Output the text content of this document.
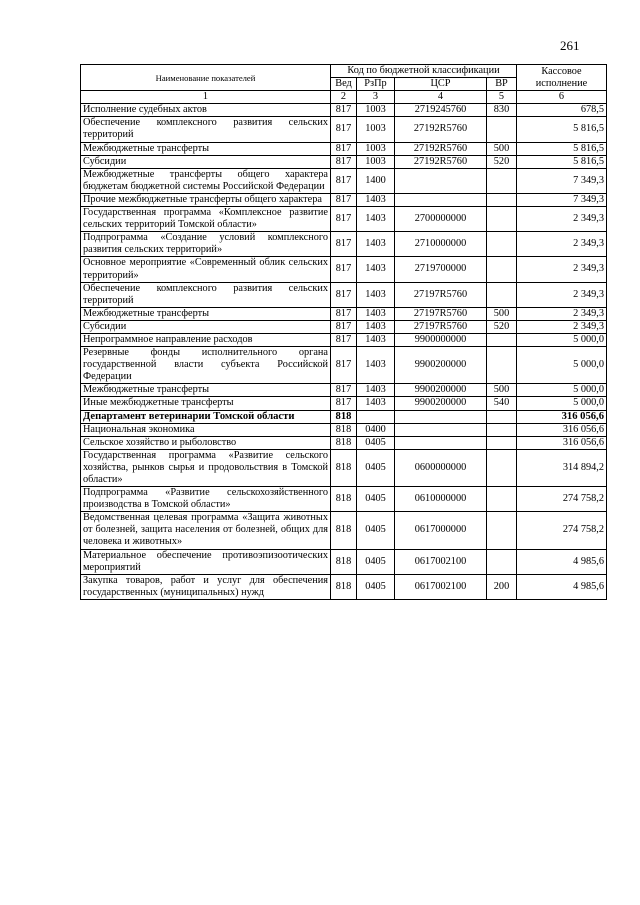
261
Наименование показателей	Код по бюджетной классификации				Кассовое исполнение
	Вед	РзПр	ЦСР	ВР	
1	2	3	4	5	6
Исполнение судебных актов	817	1003	2719245760	830	678,5
Обеспечение комплексного развития сельских территорий	817	1003	27192R5760		5 816,5
Межбюджетные трансферты	817	1003	27192R5760	500	5 816,5
Субсидии	817	1003	27192R5760	520	5 816,5
Межбюджетные трансферты общего характера бюджетам бюджетной системы Российской Федерации	817	1400			7 349,3
Прочие межбюджетные трансферты общего характера	817	1403			7 349,3
Государственная программа «Комплексное развитие сельских территорий Томской области»	817	1403	2700000000		2 349,3
Подпрограмма «Создание условий комплексного развития сельских территорий»	817	1403	2710000000		2 349,3
Основное мероприятие «Современный облик сельских территорий»	817	1403	2719700000		2 349,3
Обеспечение комплексного развития сельских территорий	817	1403	27197R5760		2 349,3
Межбюджетные трансферты	817	1403	27197R5760	500	2 349,3
Субсидии	817	1403	27197R5760	520	2 349,3
Непрограммное направление расходов	817	1403	9900000000		5 000,0
Резервные фонды исполнительного органа государственной власти субъекта Российской Федерации	817	1403	9900200000		5 000,0
Межбюджетные трансферты	817	1403	9900200000	500	5 000,0
Иные межбюджетные трансферты	817	1403	9900200000	540	5 000,0
Департамент ветеринарии Томской области	818				316 056,6
Национальная экономика	818	0400			316 056,6
Сельское хозяйство и рыболовство	818	0405			316 056,6
Государственная программа «Развитие сельского хозяйства, рынков сырья и продовольствия в Томской области»	818	0405	0600000000		314 894,2
Подпрограмма «Развитие сельскохозяйственного производства в Томской области»	818	0405	0610000000		274 758,2
Ведомственная целевая программа «Защита животных от болезней, защита населения от болезней, общих для человека и животных»	818	0405	0617000000		274 758,2
Материальное обеспечение противоэпизоотических мероприятий	818	0405	0617002100		4 985,6
Закупка товаров, работ и услуг для обеспечения государственных (муниципальных) нужд	818	0405	0617002100	200	4 985,6
